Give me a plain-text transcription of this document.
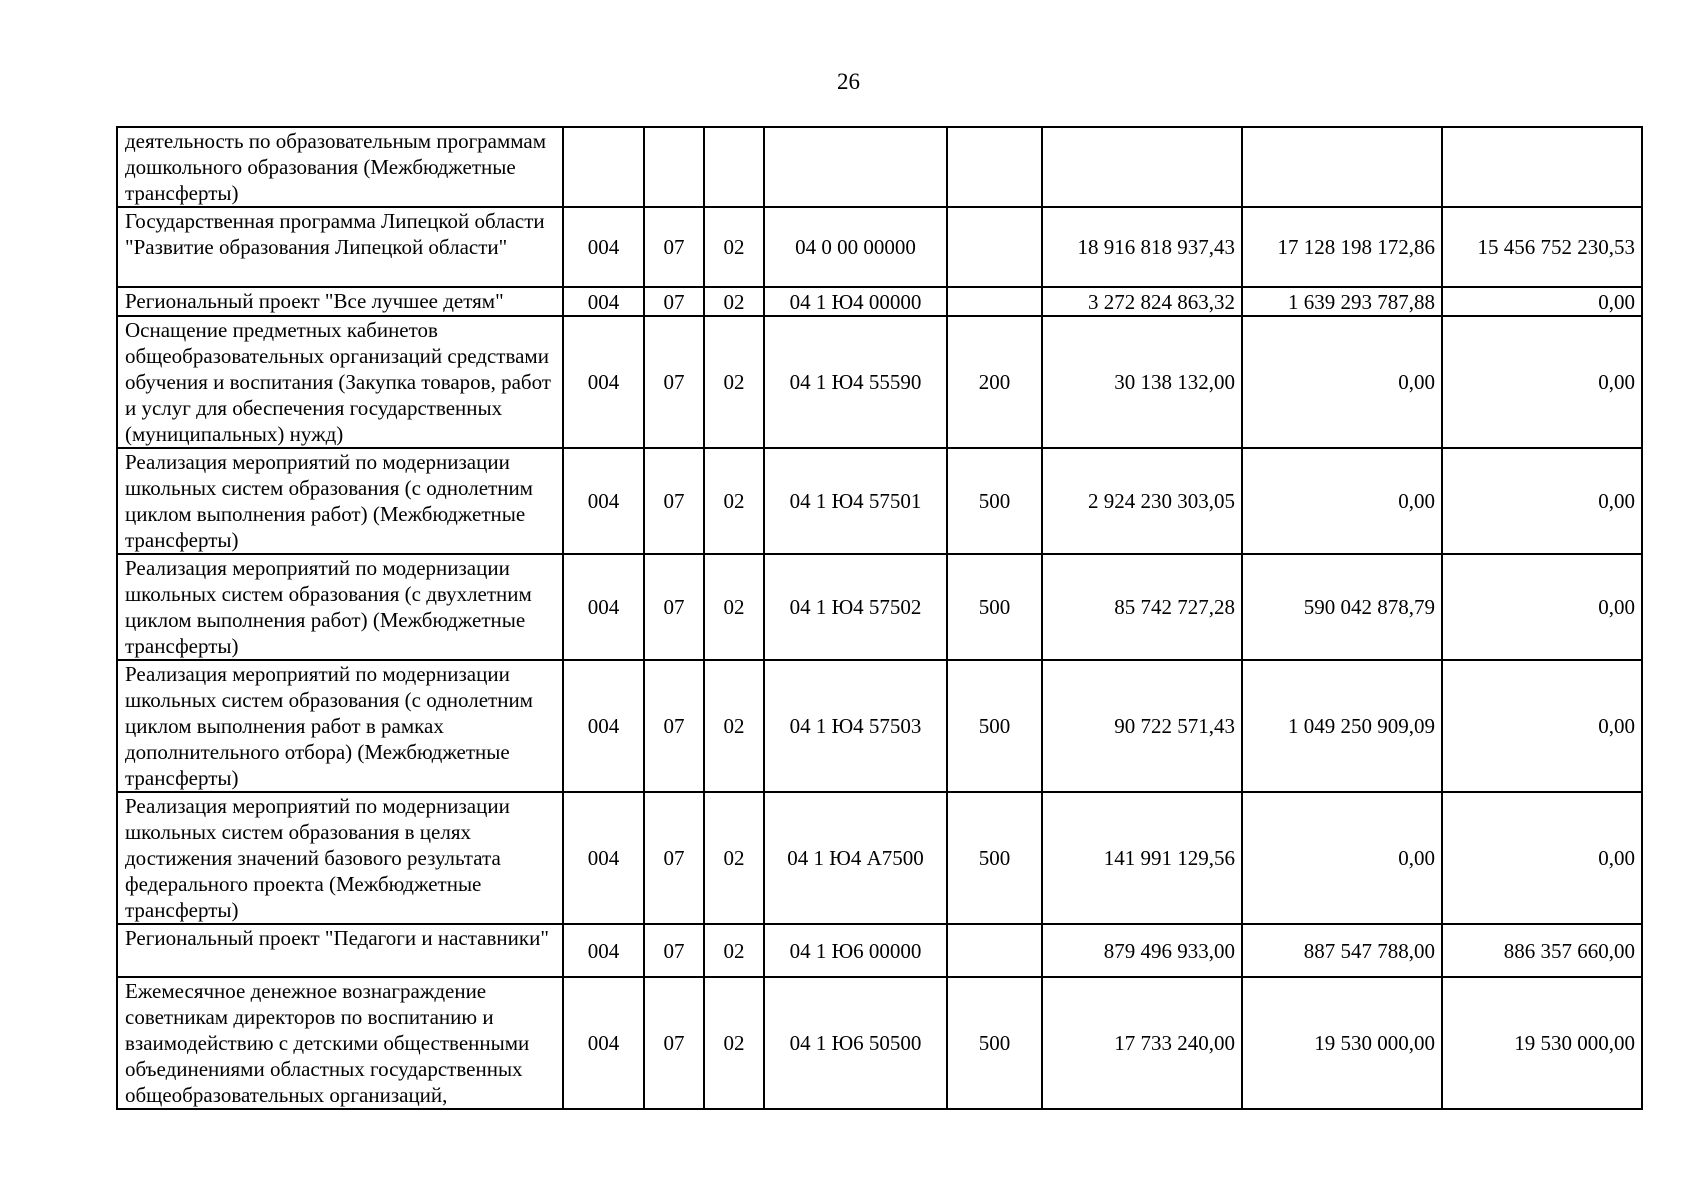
26
деятельность по образовательным программам дошкольного образования (Межбюджетные трансферты)								
Государственная программа Липецкой области "Развитие образования Липецкой области"	004	07	02	04 0 00 00000		18 916 818 937,43	17 128 198 172,86	15 456 752 230,53
Региональный проект "Все лучшее детям"	004	07	02	04 1 Ю4 00000		3 272 824 863,32	1 639 293 787,88	0,00
Оснащение предметных кабинетов общеобразовательных организаций средствами обучения и воспитания (Закупка товаров, работ и услуг для обеспечения государственных (муниципальных) нужд)	004	07	02	04 1 Ю4 55590	200	30 138 132,00	0,00	0,00
Реализация мероприятий по модернизации школьных систем образования (с однолетним циклом выполнения работ) (Межбюджетные трансферты)	004	07	02	04 1 Ю4 57501	500	2 924 230 303,05	0,00	0,00
Реализация мероприятий по модернизации школьных систем образования (с двухлетним циклом выполнения работ) (Межбюджетные трансферты)	004	07	02	04 1 Ю4 57502	500	85 742 727,28	590 042 878,79	0,00
Реализация мероприятий по модернизации школьных систем образования (с однолетним циклом выполнения работ в рамках дополнительного отбора) (Межбюджетные трансферты)	004	07	02	04 1 Ю4 57503	500	90 722 571,43	1 049 250 909,09	0,00
Реализация мероприятий по модернизации школьных систем образования в целях достижения значений базового результата федерального проекта (Межбюджетные трансферты)	004	07	02	04 1 Ю4 А7500	500	141 991 129,56	0,00	0,00
Региональный проект "Педагоги и наставники"	004	07	02	04 1 Ю6 00000		879 496 933,00	887 547 788,00	886 357 660,00
Ежемесячное денежное вознаграждение советникам директоров по воспитанию и взаимодействию с детскими общественными объединениями областных государственных общеобразовательных организаций,	004	07	02	04 1 Ю6 50500	500	17 733 240,00	19 530 000,00	19 530 000,00
